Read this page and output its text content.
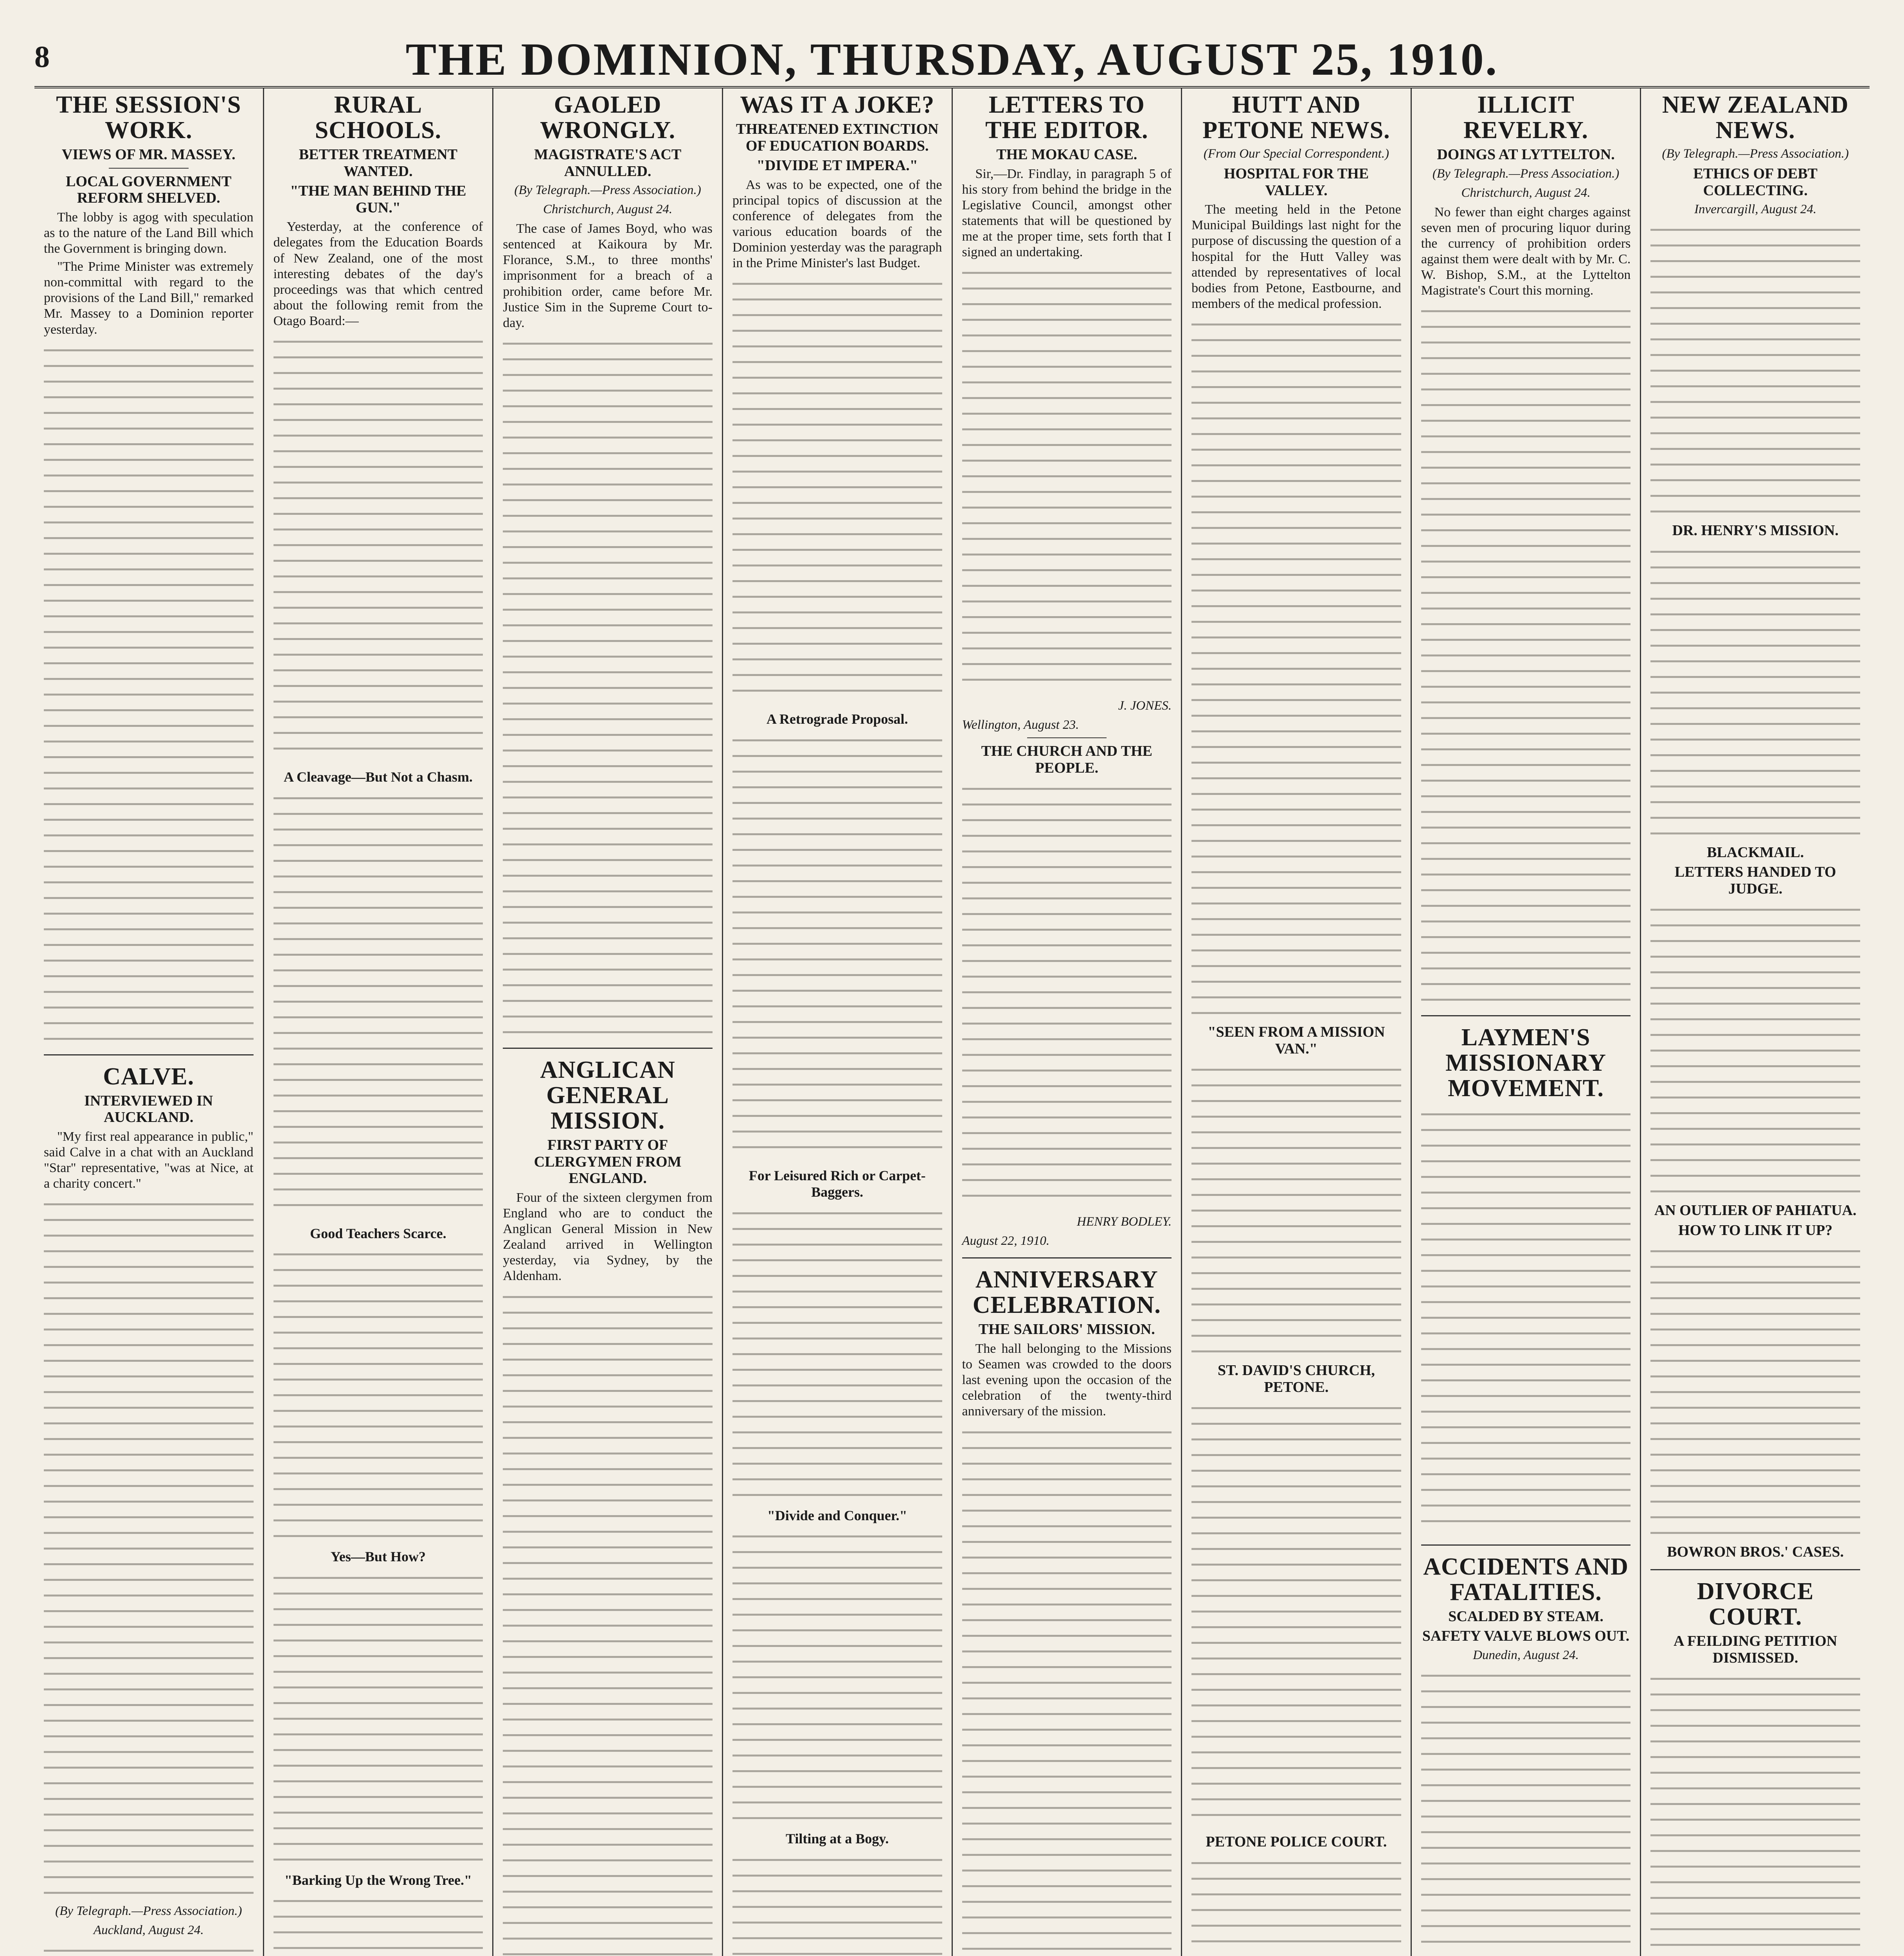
8	THE DOMINION, THURSDAY, AUGUST 25, 1910.
THE SESSION'S WORK.
VIEWS OF MR. MASSEY.
LOCAL GOVERNMENT REFORM SHELVED.

The lobby is agog with speculation as to the nature of the Land Bill which the Government is bringing down.

"The Prime Minister was extremely non-committal with regard to the provisions of the Land Bill," remarked Mr. Massey to a Dominion reporter yesterday.

CALVE.
INTERVIEWED IN AUCKLAND.

"My first real appearance in public," said Calve in a chat with an Auckland "Star" representative, "was at Nice, at a charity concert."

(By Telegraph.—Press Association.)
Auckland, August 24.

RURAL SCHOOLS.
BETTER TREATMENT WANTED.
"THE MAN BEHIND THE GUN."

Yesterday, at the conference of delegates from the Education Boards of New Zealand, one of the most interesting debates of the day's proceedings was that which centred about the following remit from the Otago Board:—

A Cleavage—But Not a Chasm.
Good Teachers Scarce.
Yes—But How?
"Barking Up the Wrong Tree."

GAOLED WRONGLY.
MAGISTRATE'S ACT ANNULLED.
(By Telegraph.—Press Association.)
Christchurch, August 24.

The case of James Boyd, who was sentenced at Kaikoura by Mr. Florance, S.M., to three months' imprisonment for a breach of a prohibition order, came before Mr. Justice Sim in the Supreme Court to-day.

ANGLICAN GENERAL MISSION.
FIRST PARTY OF CLERGYMEN FROM ENGLAND.

Four of the sixteen clergymen from England who are to conduct the Anglican General Mission in New Zealand arrived in Wellington yesterday, via Sydney, by the Aldenham.

WAS IT A JOKE?
THREATENED EXTINCTION OF EDUCATION BOARDS.
"DIVIDE ET IMPERA."

As was to be expected, one of the principal topics of discussion at the conference of delegates from the various education boards of the Dominion yesterday was the paragraph in the Prime Minister's last Budget.

A Retrograde Proposal.
For Leisured Rich or Carpet-Baggers.
"Divide and Conquer."
Tilting at a Bogy.

LETTERS TO THE EDITOR.
THE MOKAU CASE.

Sir,—Dr. Findlay, in paragraph 5 of his story from behind the bridge in the Legislative Council, amongst other statements that will be questioned by me at the proper time, sets forth that I signed an undertaking.

J. JONES.
Wellington, August 23.
THE CHURCH AND THE PEOPLE.
HENRY BODLEY.
August 22, 1910.
ANNIVERSARY CELEBRATION.
THE SAILORS' MISSION.

The hall belonging to the Missions to Seamen was crowded to the doors last evening upon the occasion of the celebration of the twenty-third anniversary of the mission.

HUTT AND PETONE NEWS.
(From Our Special Correspondent.)
HOSPITAL FOR THE VALLEY.

The meeting held in the Petone Municipal Buildings last night for the purpose of discussing the question of a hospital for the Hutt Valley was attended by representatives of local bodies from Petone, Eastbourne, and members of the medical profession.

"SEEN FROM A MISSION VAN."
ST. DAVID'S CHURCH, PETONE.
PETONE POLICE COURT.

ILLICIT REVELRY.
DOINGS AT LYTTELTON.
(By Telegraph.—Press Association.)
Christchurch, August 24.

No fewer than eight charges against seven men of procuring liquor during the currency of prohibition orders against them were dealt with by Mr. C. W. Bishop, S.M., at the Lyttelton Magistrate's Court this morning.

LAYMEN'S MISSIONARY MOVEMENT.
ACCIDENTS AND FATALITIES.
SCALDED BY STEAM.
SAFETY VALVE BLOWS OUT.
Dunedin, August 24.
NEW ZEALAND NEWS.
(By Telegraph.—Press Association.)
ETHICS OF DEBT COLLECTING.
Invercargill, August 24.
DR. HENRY'S MISSION.
BLACKMAIL.
LETTERS HANDED TO JUDGE.
AN OUTLIER OF PAHIATUA.
HOW TO LINK IT UP?
BOWRON BROS.' CASES.
DIVORCE COURT.
A FEILDING PETITION DISMISSED.
